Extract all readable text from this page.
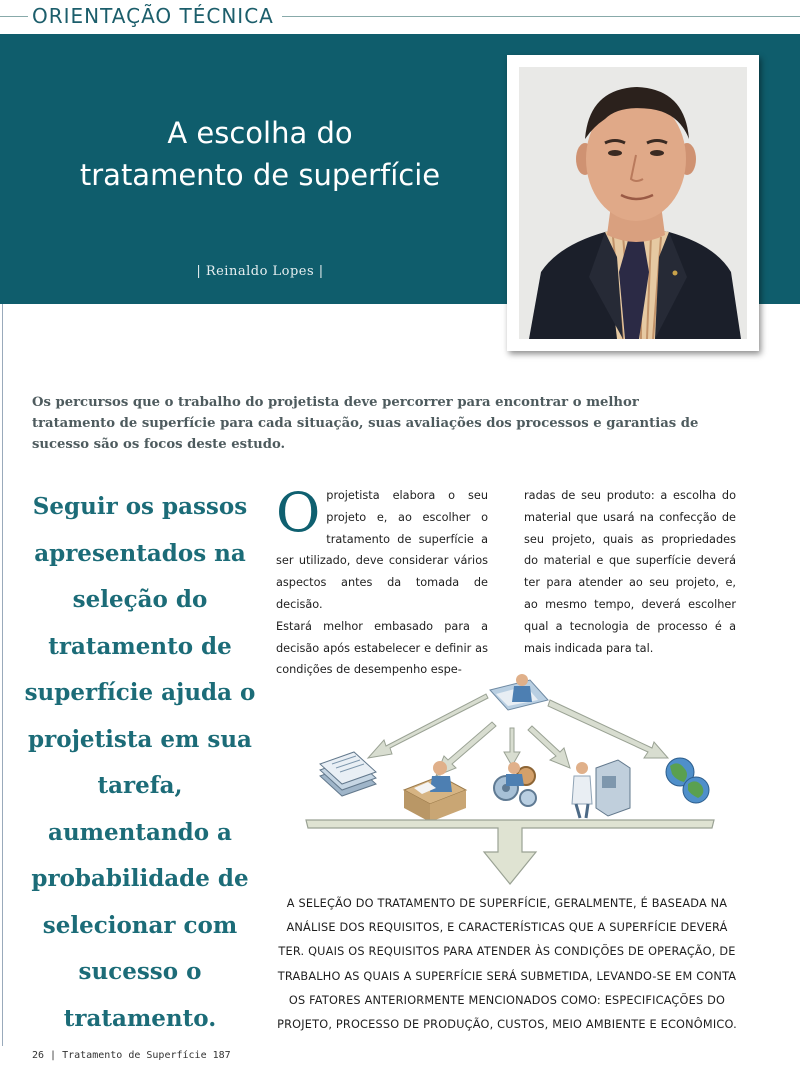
ORIENTAÇÃO TÉCNICA
A escolha do
tratamento de superfície
| Reinaldo Lopes |

Os percursos que o trabalho do projetista deve percorrer para encontrar o melhor tratamento de superfície para cada situação, suas avaliações dos processos e garantias de sucesso são os focos deste estudo.

Seguir os passos apresentados na seleção do tratamento de superfície ajuda o projetista em sua tarefa, aumentando a probabilidade de selecionar com sucesso o tratamento.
O projetista elabora o seu projeto e, ao escolher o tratamento de superfície a ser utilizado, deve considerar vários aspectos antes da tomada de decisão.

Estará melhor embasado para a decisão após estabelecer e definir as condições de desempenho espe-

radas de seu produto: a escolha do material que usará na confecção de seu projeto, quais as propriedades do material e que superfície deverá ter para atender ao seu projeto, e, ao mesmo tempo, deverá escolher qual a tecnologia de processo é a mais indicada para tal.

A SELEÇÃO DO TRATAMENTO DE SUPERFÍCIE, GERALMENTE, É BASEADA NA ANÁLISE DOS REQUISITOS, E CARACTERÍSTICAS QUE A SUPERFÍCIE DEVERÁ TER. QUAIS OS REQUISITOS PARA ATENDER ÀS CONDIÇÕES DE OPERAÇÃO, DE TRABALHO AS QUAIS A SUPERFÍCIE SERÁ SUBMETIDA, LEVANDO-SE EM CONTA OS FATORES ANTERIORMENTE MENCIONADOS COMO: ESPECIFICAÇÕES DO PROJETO, PROCESSO DE PRODUÇÃO, CUSTOS, MEIO AMBIENTE E ECONÔMICO.

26 | Tratamento de Superfície 187
